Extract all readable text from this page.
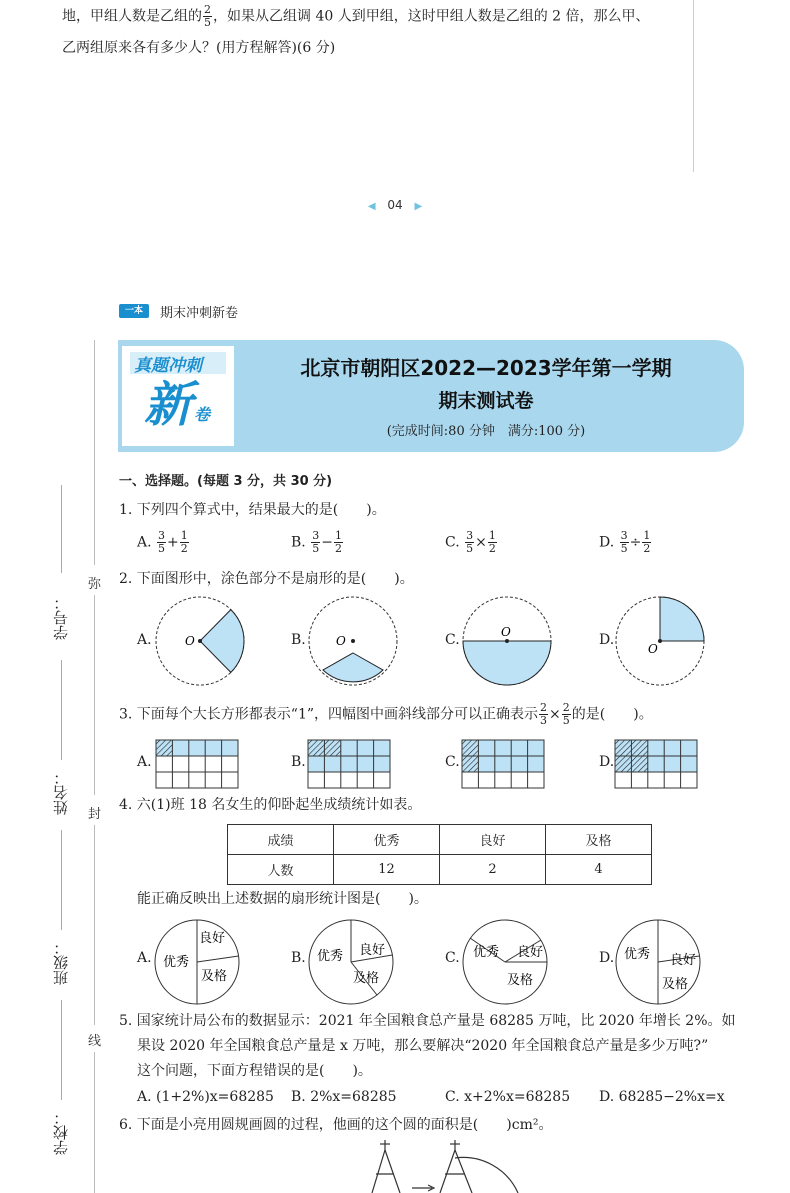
地，甲组人数是乙组的 $\frac{2}{5}$ ，如果从乙组调 40 人到甲组，这时甲组人数是乙组的 2 倍，那么甲、
乙两组原来各有多少人？(用方程解答)(6 分)
◀ 04 ▶
一本	期末冲刺新卷
真题冲刺
新 卷
北京市朝阳区2022—2023学年第一学期
期末测试卷
(完成时间:80 分钟　满分:100 分)
学号：
姓名：
班级：
学校：
弥
封
线
一、选择题。(每题 3 分，共 30 分)
1. 下列四个算式中，结果最大的是(　　)。
A. $\frac{3}{5} + \frac{1}{2}$	B. $\frac{3}{5} - \frac{1}{2}$	C. $\frac{3}{5} \times \frac{1}{2}$	D. $\frac{3}{5} \div \frac{1}{2}$
2. 下面图形中，涂色部分不是扇形的是(　　)。
A.	B.	C.	D.
O	O
O
O
3. 下面每个大长方形都表示“1”，四幅图中画斜线部分可以正确表示 $\frac{2}{3} \times \frac{2}{5}$ 的是(　　)。
A.	B.	C.	D.
4. 六(1)班 18 名女生的仰卧起坐成绩统计如表。
成绩	优秀	良好	及格
人数	12	2	4
能正确反映出上述数据的扇形统计图是(　　)。
A.	B.	C.	D.
优秀
良好
及格
优秀 良好
及格
优秀 良好
及格
优秀 良好
及格
5. 国家统计局公布的数据显示：2021 年全国粮食总产量是 68285 万吨，比 2020 年增长 2%。如
果设 2020 年全国粮食总产量是 x 万吨，那么要解决“2020 年全国粮食总产量是多少万吨?”
这个问题，下面方程错误的是(　　)。
A. (1+2%)x=68285 B. 2%x=68285	C. x+2%x=68285 D. 68285−2%x=x
6. 下面是小亮用圆规画圆的过程，他画的这个圆的面积是(　　)cm²。
